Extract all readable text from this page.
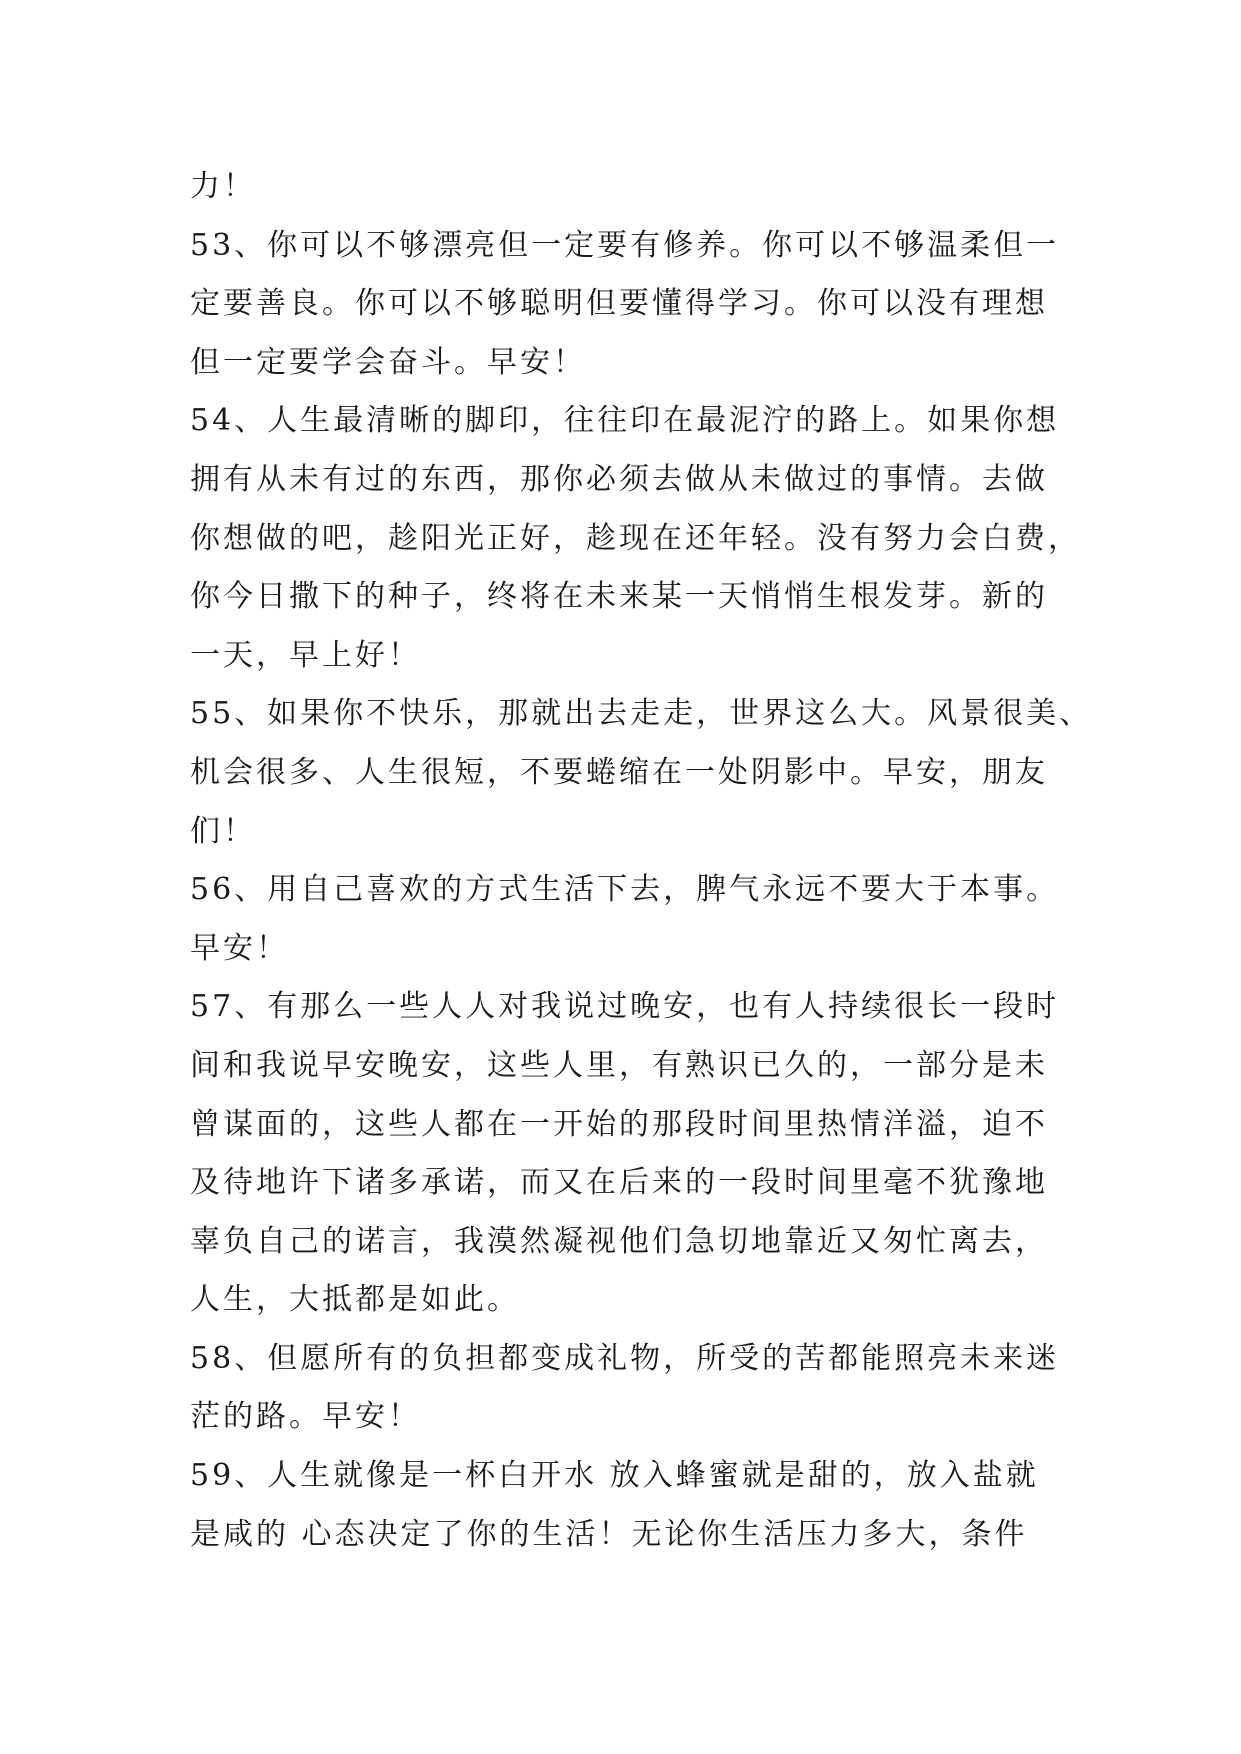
力！
53、你可以不够漂亮但一定要有修养。你可以不够温柔但一
定要善良。你可以不够聪明但要懂得学习。你可以没有理想
但一定要学会奋斗。早安！
54、人生最清晰的脚印，往往印在最泥泞的路上。如果你想
拥有从未有过的东西，那你必须去做从未做过的事情。去做
你想做的吧，趁阳光正好，趁现在还年轻。没有努力会白费，
你今日撒下的种子，终将在未来某一天悄悄生根发芽。新的
一天，早上好！
55、如果你不快乐，那就出去走走，世界这么大。风景很美、
机会很多、人生很短，不要蜷缩在一处阴影中。早安，朋友
们！
56、用自己喜欢的方式生活下去，脾气永远不要大于本事。
早安！
57、有那么一些人人对我说过晚安，也有人持续很长一段时
间和我说早安晚安，这些人里，有熟识已久的，一部分是未
曾谋面的，这些人都在一开始的那段时间里热情洋溢，迫不
及待地许下诸多承诺，而又在后来的一段时间里毫不犹豫地
辜负自己的诺言，我漠然凝视他们急切地靠近又匆忙离去，
人生，大抵都是如此。
58、但愿所有的负担都变成礼物，所受的苦都能照亮未来迷
茫的路。早安！
59、人生就像是一杯白开水 放入蜂蜜就是甜的，放入盐就
是咸的 心态决定了你的生活！无论你生活压力多大，条件
